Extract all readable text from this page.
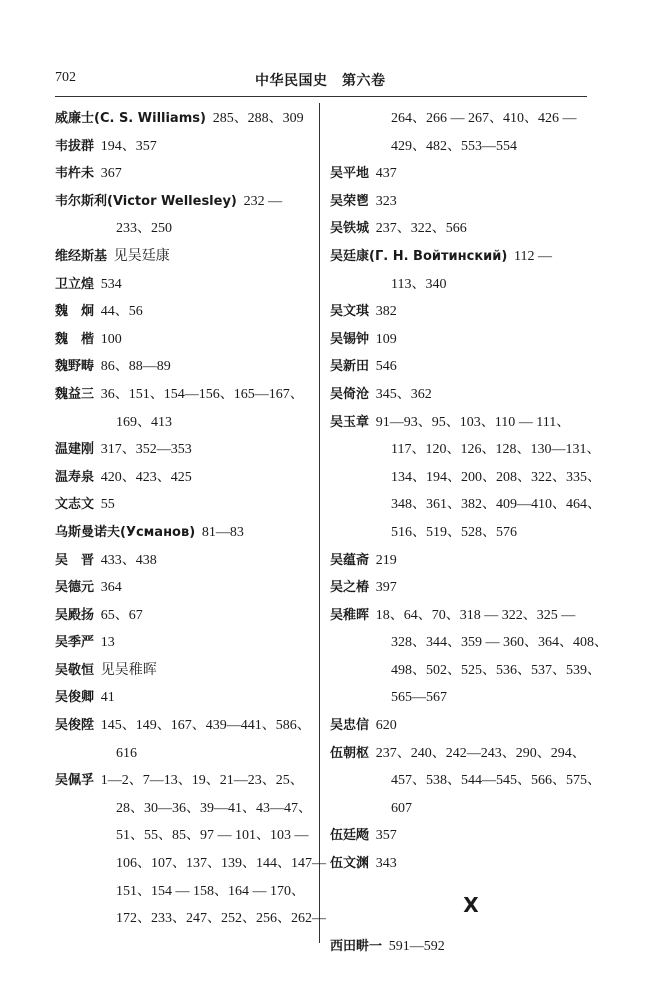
702	中华民国史　第六卷
威廉士(C. S. Williams)  285、288、309
韦拔群  194、357
韦杵未  367
韦尔斯利(Victor Wellesley)  232 —
233、250
维经斯基  见吴廷康
卫立煌  534
魏　炯  44、56
魏　楷  100
魏野畴  86、88—89
魏益三  36、151、154—156、165—167、
169、413
温建刚  317、352—353
温寿泉  420、423、425
文志文  55
乌斯曼诺夫(Усманов)  81—83
吴　晋  433、438
吴德元  364
吴殿扬  65、67
吴季严  13
吴敬恒  见吴稚晖
吴俊卿  41
吴俊陞  145、149、167、439—441、586、
616
吴佩孚  1—2、7—13、19、21—23、25、
28、30—36、39—41、43—47、
51、55、85、97 — 101、103 —
106、107、137、139、144、147—
151、154 — 158、164 — 170、
172、233、247、252、256、262—
264、266 — 267、410、426 —
429、482、553—554
吴平地  437
吴荣鬯  323
吴铁城  237、322、566
吴廷康(Г. Н. Войтинский)  112 —
113、340
吴文琪  382
吴锡钟  109
吴新田  546
吴倚沧  345、362
吴玉章  91—93、95、103、110 — 111、
117、120、126、128、130—131、
134、194、200、208、322、335、
348、361、382、409—410、464、
516、519、528、576
吴蕴斋  219
吴之椿  397
吴稚晖  18、64、70、318 — 322、325 —
328、344、359 — 360、364、408、
498、502、525、536、537、539、
565—567
吴忠信  620
伍朝枢  237、240、242—243、290、294、
457、538、544—545、566、575、
607
伍廷飏  357
伍文渊  343
X
西田畊一  591—592
